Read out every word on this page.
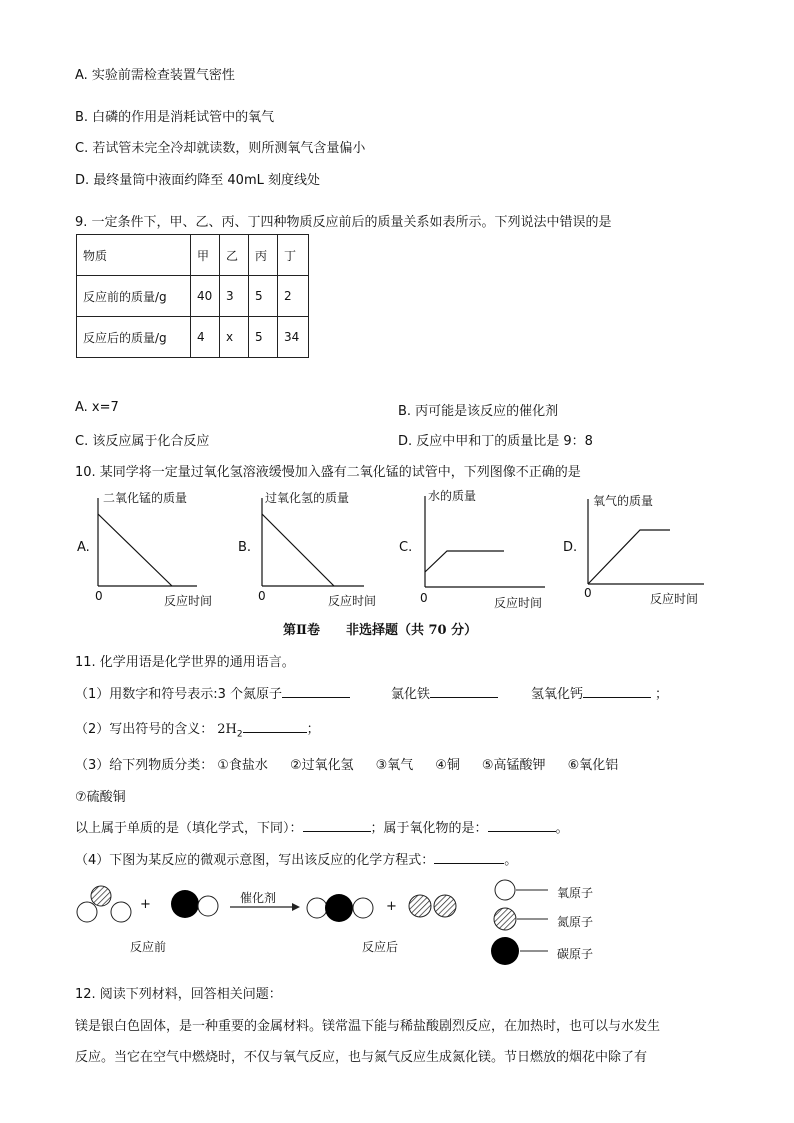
A. 实验前需检查装置气密性
B. 白磷的作用是消耗试管中的氧气
C. 若试管未完全冷却就读数，则所测氧气含量偏小
D. 最终量筒中液面约降至 40mL 刻度线处
9. 一定条件下，甲、乙、丙、丁四种物质反应前后的质量关系如表所示。下列说法中错误的是
物质	甲	乙	丙	丁
反应前的质量/g	40	3	5	2
反应后的质量/g	4	x	5	34
A. x=7	B. 丙可能是该反应的催化剂
C. 该反应属于化合反应	D. 反应中甲和丁的质量比是 9：8
10. 某同学将一定量过氧化氢溶液缓慢加入盛有二氧化锰的试管中，下列图像不正确的是
A.
二氧化锰的质量
0	反应时间
B.
过氧化氢的质量
0	反应时间
C.
水的质量
0	反应时间
D.
氧气的质量
0	反应时间
第Ⅱ卷　　非选择题（共 70 分）
11. 化学用语是化学世界的通用语言。
（1）用数字和符号表示:3 个氮原子	氯化铁	氢氧化钙	；
（2）写出符号的含义： $2H_2$	；
（3）给下列物质分类： ①食盐水 ②过氧化氢 ③氧气 ④铜 ⑤高锰酸钾 ⑥氧化铝
⑦硫酸铜
以上属于单质的是（填化学式，下同）：	；属于氧化物的是：	。
（4）下图为某反应的微观示意图，写出该反应的化学方程式：	。
+	+
催化剂
反应前	反应后
氧原子
氮原子
碳原子
12. 阅读下列材料，回答相关问题：
镁是银白色固体，是一种重要的金属材料。镁常温下能与稀盐酸剧烈反应，在加热时，也可以与水发生
反应。当它在空气中燃烧时，不仅与氧气反应，也与氮气反应生成氮化镁。节日燃放的烟花中除了有
